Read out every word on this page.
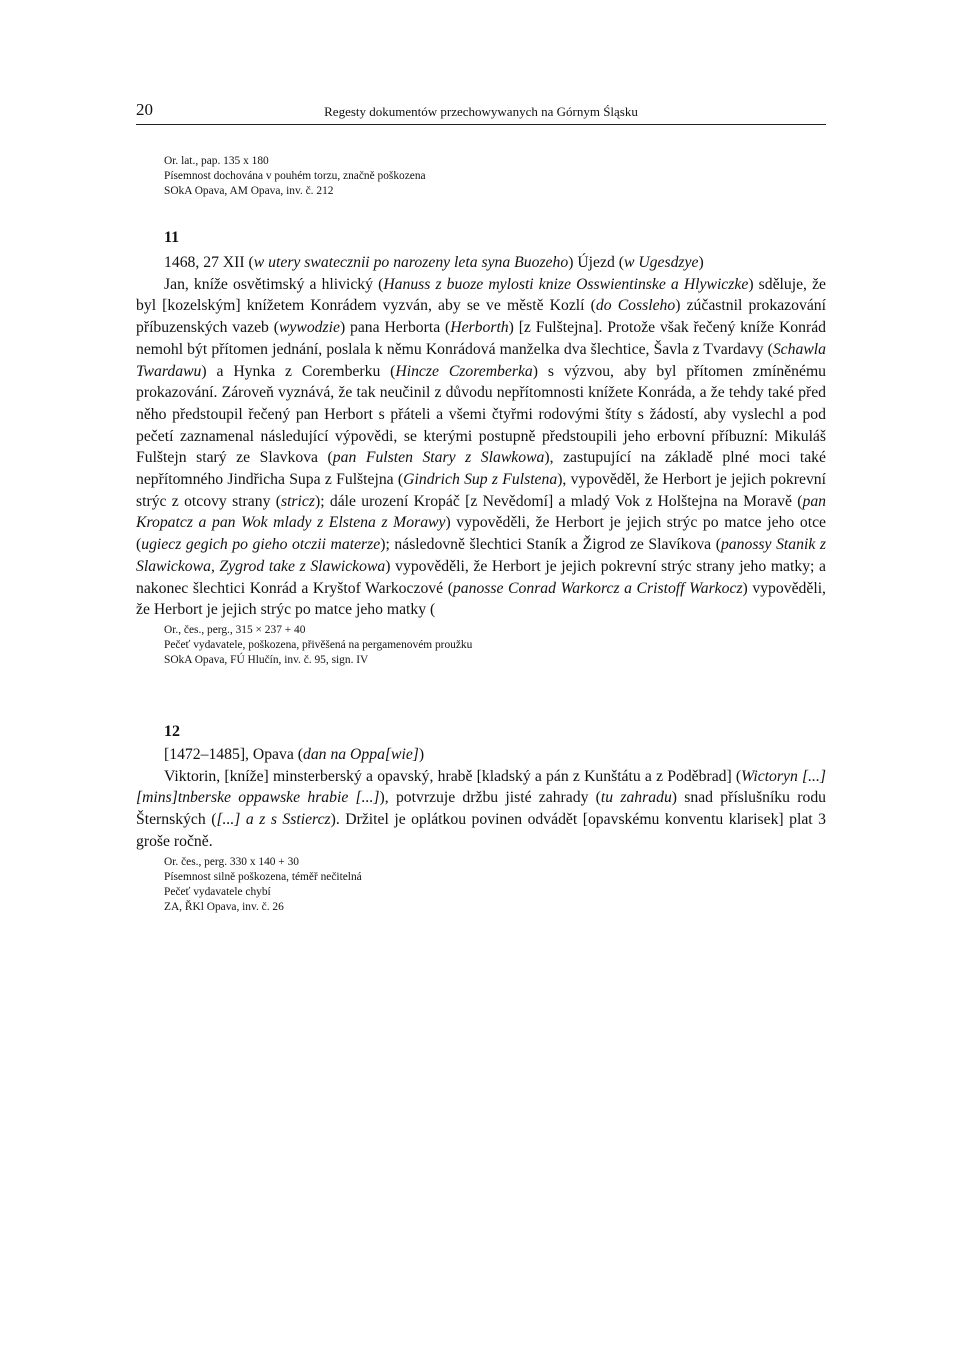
20	Regesty dokumentów przechowywanych na Górnym Śląsku
Or. lat., pap. 135 x 180
Písemnost dochována v pouhém torzu, značně poškozena
SOkA Opava, AM Opava, inv. č. 212
11
1468, 27 XII (w utery swatecznii po narozeny leta syna Buozeho) Újezd (w Ugesdzye)

Jan, kníže osvětimský a hlivický (Hanuss z buoze mylosti knize Osswientinske a Hlywiczke) sděluje, že byl [kozelským] knížetem Konrádem vyzván, aby se ve městě Kozlí (do Cossleho) zúčastnil prokazování příbuzenských vazeb (wywodzie) pana Herborta (Herborth) [z Fulštejna]. Protože však řečený kníže Konrád nemohl být přítomen jednání, poslala k němu Konrádová manželka dva šlechtice, Šavla z Tvardavy (Schawla Twardawu) a Hynka z Coremberku (Hincze Czoremberka) s výzvou, aby byl přítomen zmíněnému prokazování. Zároveň vyznává, že tak neučinil z důvodu nepřítomnosti knížete Konráda, a že tehdy také před něho předstoupil řečený pan Herbort s přáteli a všemi čtyřmi rodovými štíty s žádostí, aby vyslechl a pod pečetí zaznamenal následující výpovědi, se kterými postupně předstoupili jeho erbovní příbuzní: Mikuláš Fulštejn starý ze Slavkova (pan Fulsten Stary z Slawkowa), zastupující na základě plné moci také nepřítomného Jindřicha Supa z Fulštejna (Gindrich Sup z Fulstena), vypověděl, že Herbort je jejich pokrevní strýc z otcovy strany (stricz); dále urození Kropáč [z Nevědomí] a mladý Vok z Holštejna na Moravě (pan Kropatcz a pan Wok mlady z Elstena z Morawy) vypověděli, že Herbort je jejich strýc po matce jeho otce (ugiecz gegich po gieho otczii materze); následovně šlechtici Staník a Žigrod ze Slavíkova (panossy Stanik z Slawickowa, Zygrod take z Slawickowa) vypověděli, že Herbort je jejich pokrevní strýc strany jeho matky; a nakonec šlechtici Konrád a Kryštof Warkoczové (panosse Conrad Warkorcz a Cristoff Warkocz) vypověděli, že Herbort je jejich strýc po matce jeho matky (

Or., čes., perg., 315 × 237 + 40
Pečeť vydavatele, poškozena, přivěšená na pergamenovém proužku
SOkA Opava, FÚ Hlučín, inv. č. 95, sign. IV
12
[1472–1485], Opava (dan na Oppa[wie])

Viktorin, [kníže] minsterberský a opavský, hrabě [kladský a pán z Kunštátu a z Poděbrad] (Wictoryn [...] [mins]tnberske oppawske hrabie [...]), potvrzuje držbu jisté zahrady (tu zahradu) snad příslušníku rodu Šternských ([...] a z s Sstiercz). Držitel je oplátkou povinen odvádět [opavskému konventu klarisek] plat 3 groše ročně.

Or. čes., perg. 330 x 140 + 30
Písemnost silně poškozena, téměř nečitelná
Pečeť vydavatele chybí
ZA, ŘKl Opava, inv. č. 26
